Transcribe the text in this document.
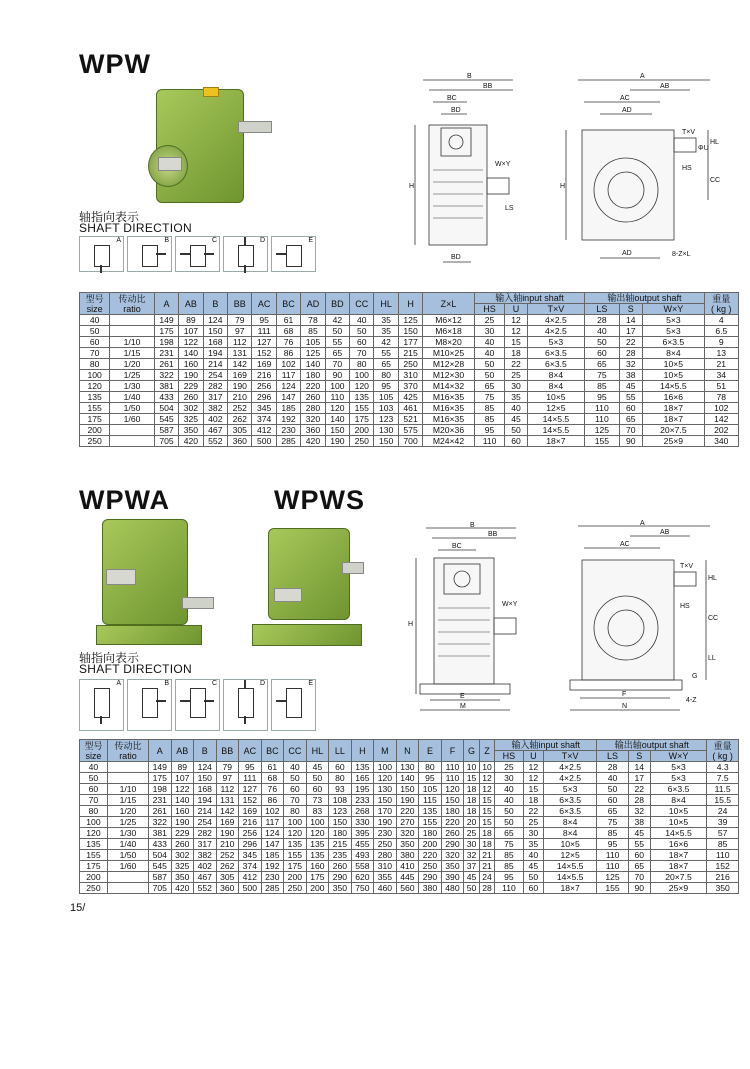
WPW
轴指向表示
SHAFT DIRECTION
A	B	C	D	E
B
BB
BC
BD
W×Y
LS
H
BD
A
AB
AC
AD
T×V
ΦU
HS
HL
CC
H
AD	8-Z×L
型号
size	传动比
ratio	A	AB	B	BB	AC	BC	AD	BD	CC	HL	H	Z×L	输入轴input shaft			输出轴output shaft			重量
( kg )
														HS	U	T×V	LS	S	W×Y	
40		149	89	124	79	95	61	78	42	40	35	125	M6×12	25	12	4×2.5	28	14	5×3	4
50		175	107	150	97	111	68	85	50	50	35	150	M6×18	30	12	4×2.5	40	17	5×3	6.5
60	1/10	198	122	168	112	127	76	105	55	60	42	177	M8×20	40	15	5×3	50	22	6×3.5	9
70	1/15	231	140	194	131	152	86	125	65	70	55	215	M10×25	40	18	6×3.5	60	28	8×4	13
80	1/20	261	160	214	142	169	102	140	70	80	65	250	M12×28	50	22	6×3.5	65	32	10×5	21
100	1/25	322	190	254	169	216	117	180	90	100	80	310	M12×30	50	25	8×4	75	38	10×5	34
120	1/30	381	229	282	190	256	124	220	100	120	95	370	M14×32	65	30	8×4	85	45	14×5.5	51
135	1/40	433	260	317	210	296	147	260	110	135	105	425	M16×35	75	35	10×5	95	55	16×6	78
155	1/50	504	302	382	252	345	185	280	120	155	103	461	M16×35	85	40	12×5	110	60	18×7	102
175	1/60	545	325	402	262	374	192	320	140	175	123	521	M16×35	85	45	14×5.5	110	65	18×7	142
200		587	350	467	305	412	230	360	150	200	130	575	M20×36	95	50	14×5.5	125	70	20×7.5	202
250		705	420	552	360	500	285	420	190	250	150	700	M24×42	110	60	18×7	155	90	25×9	340
WPWA	WPWS
轴指向表示
SHAFT DIRECTION
A	B	C	D	E
B
BB
BC
W×Y
H
E
M
A
AB
AC
T×V
HS
HL
CC
LL
G
F
N
4-Z
型号
size	传动比
ratio	A	AB	B	BB	AC	BC	CC	HL	LL	H	M	N	E	F	G	Z	输入轴input shaft			输出轴output shaft			重量
( kg )
																		HS	U	T×V	LS	S	W×Y	
40		149	89	124	79	95	61	40	45	60	135	100	130	80	110	10	10	25	12	4×2.5	28	14	5×3	4.3
50		175	107	150	97	111	68	50	50	80	165	120	140	95	110	15	12	30	12	4×2.5	40	17	5×3	7.5
60	1/10	198	122	168	112	127	76	60	60	93	195	130	150	105	120	18	12	40	15	5×3	50	22	6×3.5	11.5
70	1/15	231	140	194	131	152	86	70	73	108	233	150	190	115	150	18	15	40	18	6×3.5	60	28	8×4	15.5
80	1/20	261	160	214	142	169	102	80	83	123	268	170	220	135	180	18	15	50	22	6×3.5	65	32	10×5	24
100	1/25	322	190	254	169	216	117	100	100	150	330	190	270	155	220	20	15	50	25	8×4	75	38	10×5	39
120	1/30	381	229	282	190	256	124	120	120	180	395	230	320	180	260	25	18	65	30	8×4	85	45	14×5.5	57
135	1/40	433	260	317	210	296	147	135	135	215	455	250	350	200	290	30	18	75	35	10×5	95	55	16×6	85
155	1/50	504	302	382	252	345	185	155	135	235	493	280	380	220	320	32	21	85	40	12×5	110	60	18×7	110
175	1/60	545	325	402	262	374	192	175	160	260	558	310	410	250	350	37	21	85	45	14×5.5	110	65	18×7	152
200		587	350	467	305	412	230	200	175	290	620	355	445	290	390	45	24	95	50	14×5.5	125	70	20×7.5	216
250		705	420	552	360	500	285	250	200	350	750	460	560	380	480	50	28	110	60	18×7	155	90	25×9	350
15/
